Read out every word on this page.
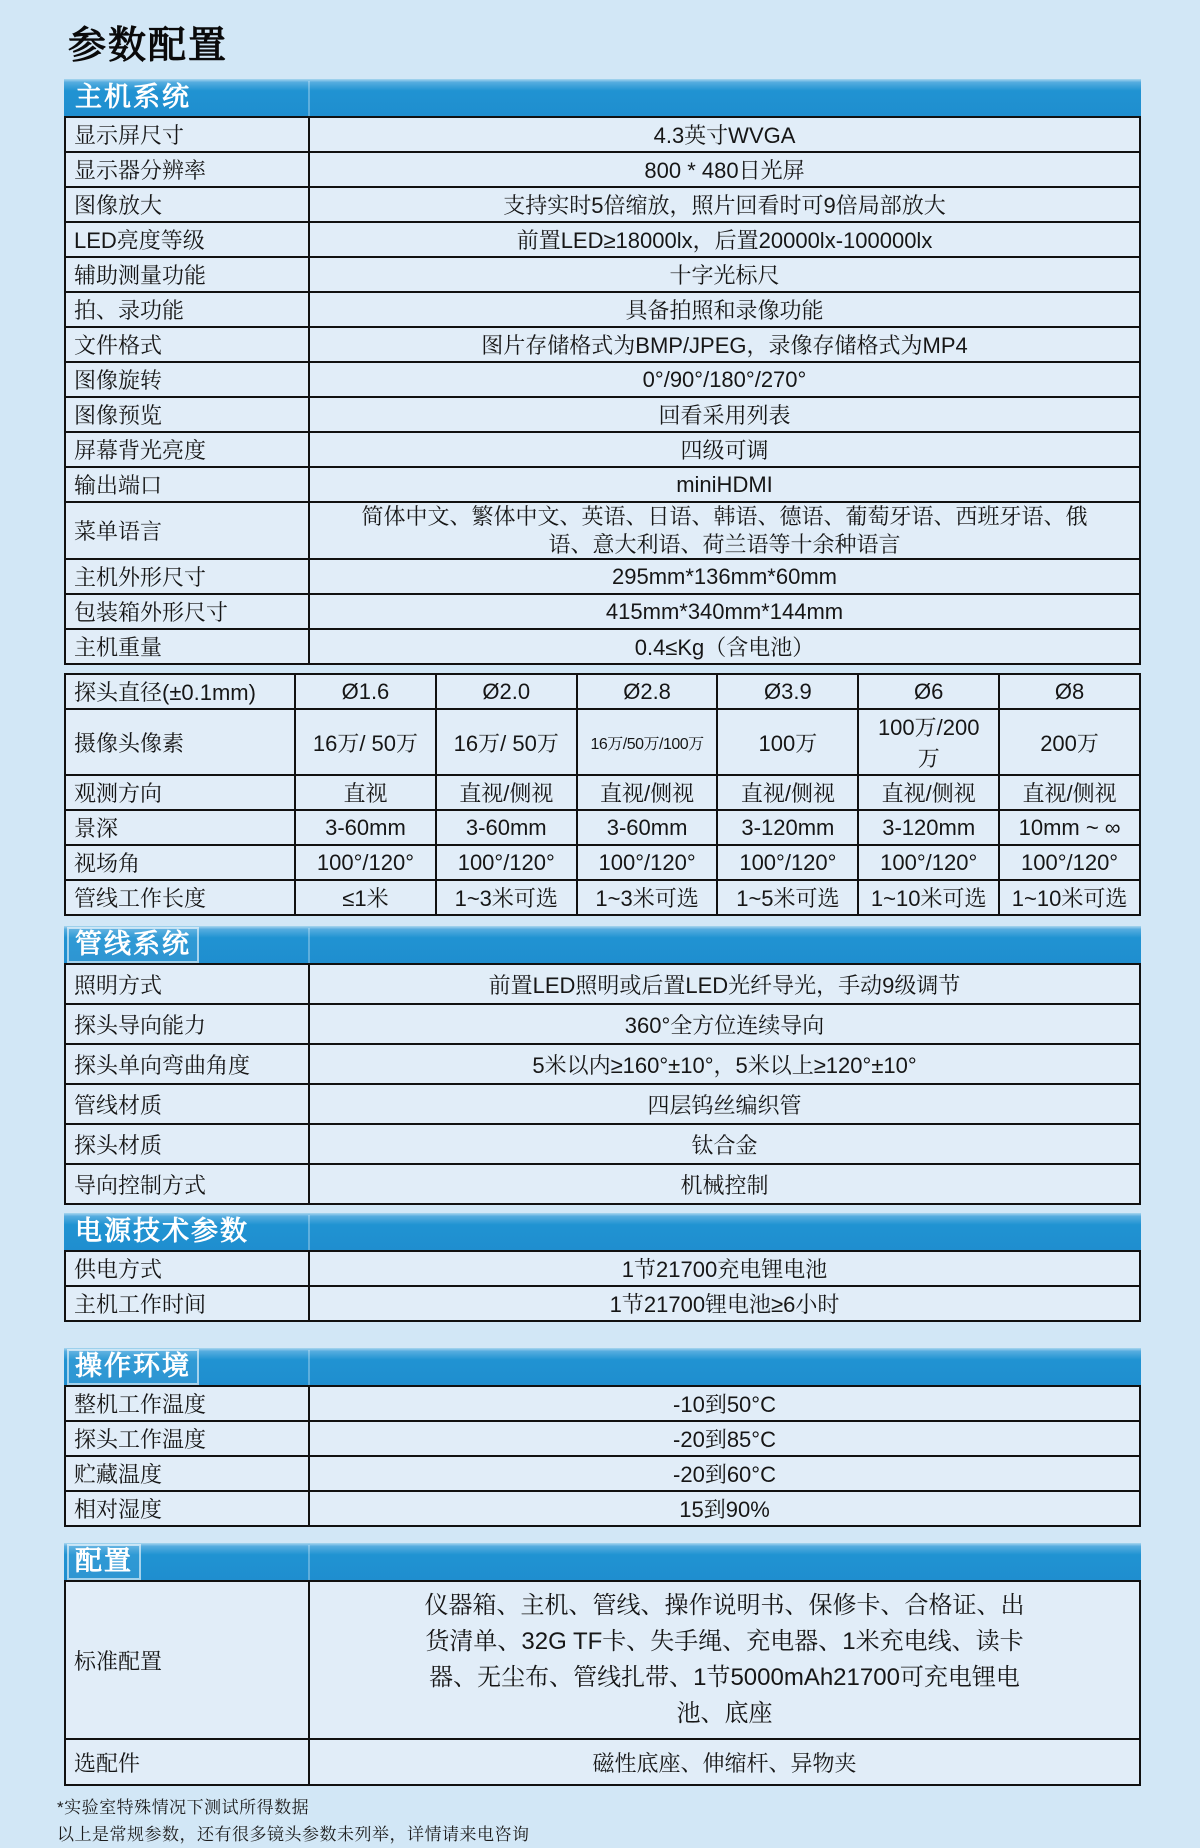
参数配置
主机系统
显示屏尺寸	4.3英寸WVGA
显示器分辨率	800 * 480日光屏
图像放大	支持实时5倍缩放，照片回看时可9倍局部放大
LED亮度等级	前置LED≥18000lx，后置20000lx-100000lx
辅助测量功能	十字光标尺
拍、录功能	具备拍照和录像功能
文件格式	图片存储格式为BMP/JPEG，录像存储格式为MP4
图像旋转	0°/90°/180°/270°
图像预览	回看采用列表
屏幕背光亮度	四级可调
输出端口	miniHDMI
菜单语言	简体中文、繁体中文、英语、日语、韩语、德语、葡萄牙语、西班牙语、俄语、意大利语、荷兰语等十余种语言
主机外形尺寸	295mm*136mm*60mm
包装箱外形尺寸	415mm*340mm*144mm
主机重量	0.4≤Kg（含电池）
探头直径(±0.1mm)	Ø1.6	Ø2.0	Ø2.8	Ø3.9	Ø6	Ø8
摄像头像素	16万/ 50万	16万/ 50万	16万/50万/100万	100万	100万/200万	200万
观测方向	直视	直视/侧视	直视/侧视	直视/侧视	直视/侧视	直视/侧视
景深	3-60mm	3-60mm	3-60mm	3-120mm	3-120mm	10mm ~ ∞
视场角	100°/120°	100°/120°	100°/120°	100°/120°	100°/120°	100°/120°
管线工作长度	≤1米	1~3米可选	1~3米可选	1~5米可选	1~10米可选	1~10米可选
管线系统
照明方式	前置LED照明或后置LED光纤导光，手动9级调节
探头导向能力	360°全方位连续导向
探头单向弯曲角度	5米以内≥160°±10°，5米以上≥120°±10°
管线材质	四层钨丝编织管
探头材质	钛合金
导向控制方式	机械控制
电源技术参数
供电方式	1节21700充电锂电池
主机工作时间	1节21700锂电池≥6小时
操作环境
整机工作温度	-10到50°C
探头工作温度	-20到85°C
贮藏温度	-20到60°C
相对湿度	15到90%
配置
标准配置	仪器箱、主机、管线、操作说明书、保修卡、合格证、出货清单、32G TF卡、失手绳、充电器、1米充电线、读卡器、无尘布、管线扎带、1节5000mAh21700可充电锂电池、底座
选配件	磁性底座、伸缩杆、异物夹
*实验室特殊情况下测试所得数据
以上是常规参数，还有很多镜头参数未列举，详情请来电咨询
